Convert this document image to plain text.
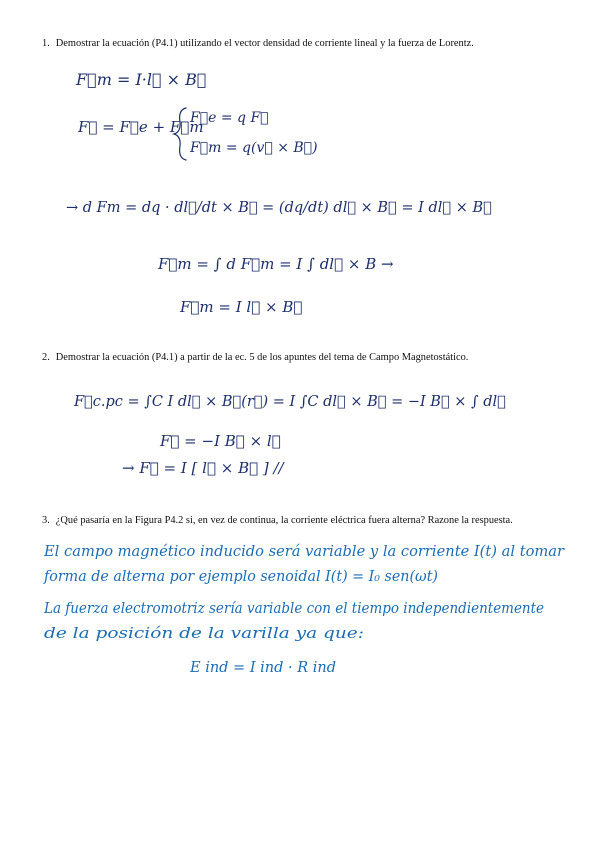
1. Demostrar la ecuación (P4.1) utilizando el vector densidad de corriente lineal y la fuerza de Lorentz.
2. Demostrar la ecuación (P4.1) a partir de la ec. 5 de los apuntes del tema de Campo Magnetostático.
3. ¿Qué pasaría en la Figura P4.2 si, en vez de continua, la corriente eléctrica fuera alterna? Razone la respuesta.
F⃗m = I·l⃗ × B⃗
F⃗ = F⃗e + F⃗m
F⃗e = q F⃗
F⃗m = q(v⃗ × B⃗)
→ d Fm = dq · dl⃗/dt × B⃗ = (dq/dt) dl⃗ × B⃗ = I dl⃗ × B⃗
F⃗m = ∫ d F⃗m = I ∫ dl⃗ × B →
F⃗m = I l⃗ × B⃗
F⃗c.pc = ∫C I dl⃗ × B⃗(r⃗) = I ∫C dl⃗ × B⃗ = −I B⃗ × ∫ dl⃗
F⃗ = −I B⃗ × l⃗
→ F⃗ = I [ l⃗ × B⃗ ] //
El campo magnético inducido será variable y la corriente I(t) al tomar
forma de alterna por ejemplo senoidal I(t) = I₀ sen(ωt)
La fuerza electromotriz sería variable con el tiempo independientemente
de la posición de la varilla ya que:
E ind = I ind · R ind
